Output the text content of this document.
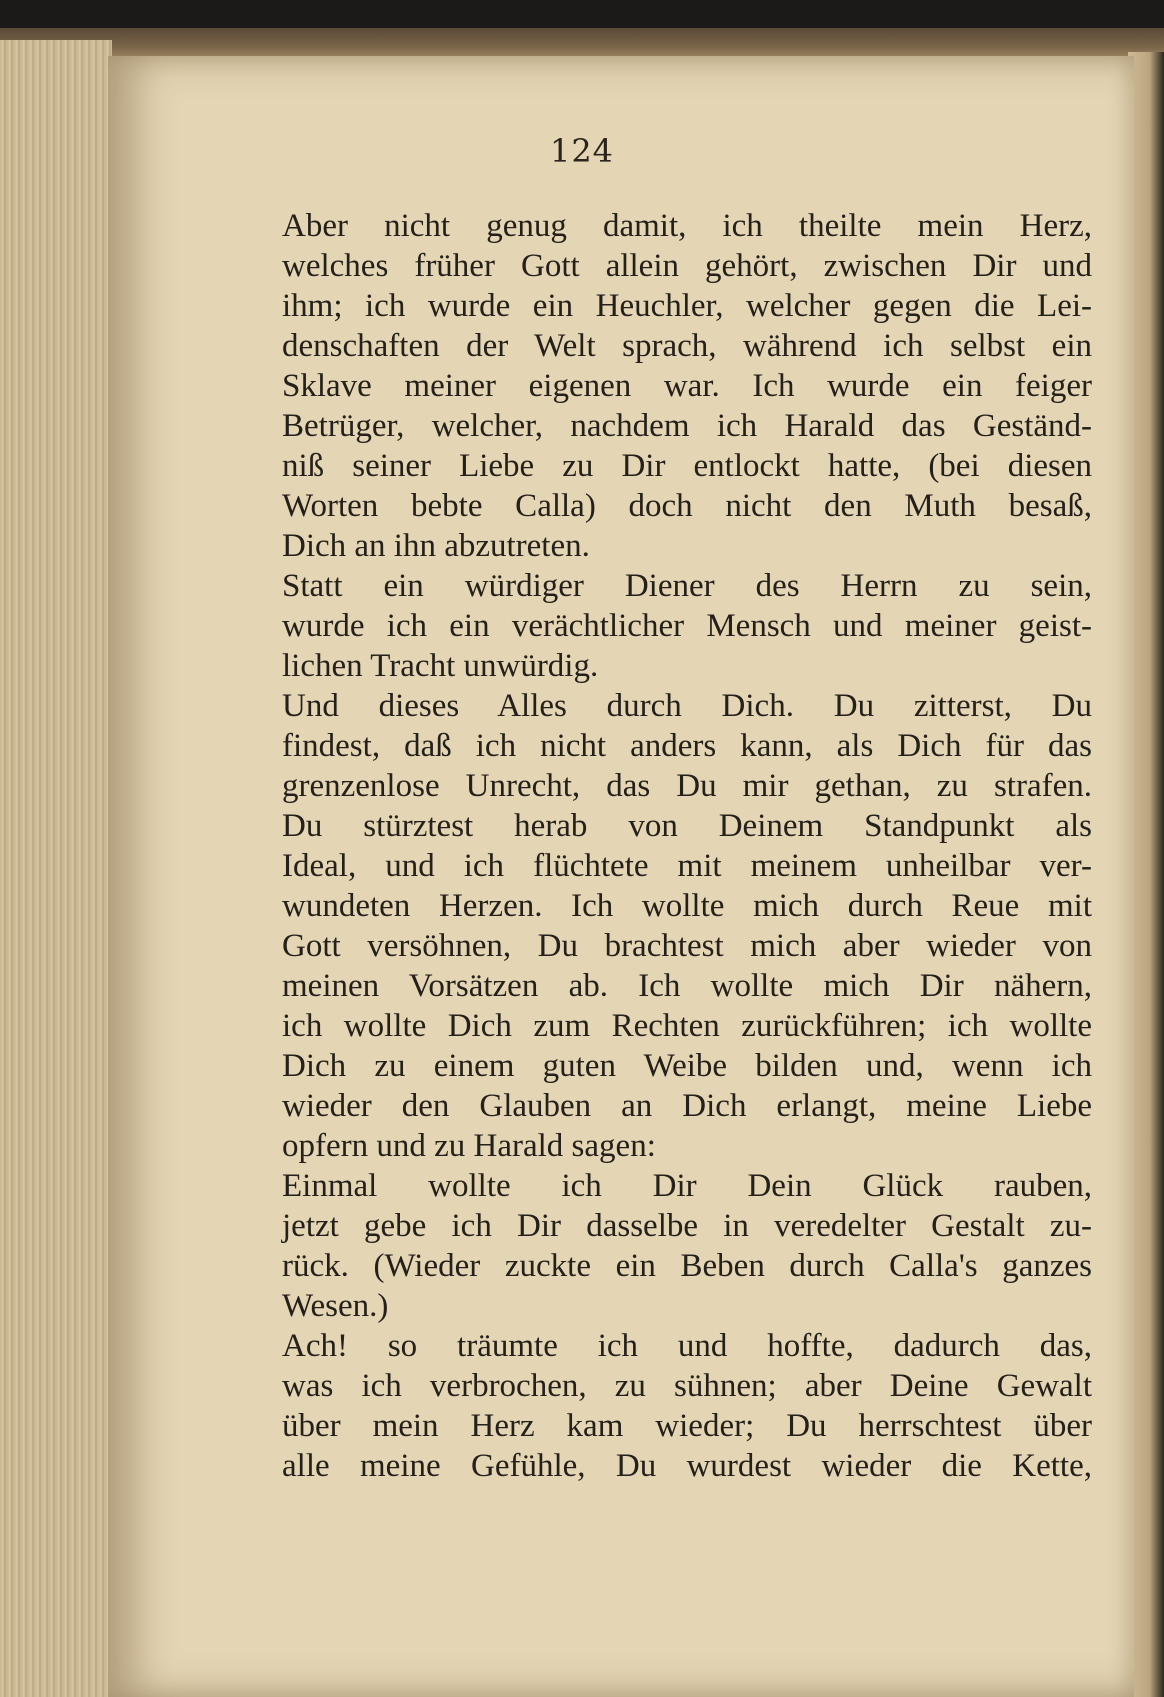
124
Aber nicht genug damit, ich theilte mein Herz,
welches früher Gott allein gehört, zwischen Dir und
ihm; ich wurde ein Heuchler, welcher gegen die Lei-
denschaften der Welt sprach, während ich selbst ein
Sklave meiner eigenen war. Ich wurde ein feiger
Betrüger, welcher, nachdem ich Harald das Geständ-
niß seiner Liebe zu Dir entlockt hatte, (bei diesen
Worten bebte Calla) doch nicht den Muth besaß,
Dich an ihn abzutreten.
Statt ein würdiger Diener des Herrn zu sein,
wurde ich ein verächtlicher Mensch und meiner geist-
lichen Tracht unwürdig.
Und dieses Alles durch Dich. Du zitterst, Du
findest, daß ich nicht anders kann, als Dich für das
grenzenlose Unrecht, das Du mir gethan, zu strafen.
Du stürztest herab von Deinem Standpunkt als
Ideal, und ich flüchtete mit meinem unheilbar ver-
wundeten Herzen. Ich wollte mich durch Reue mit
Gott versöhnen, Du brachtest mich aber wieder von
meinen Vorsätzen ab. Ich wollte mich Dir nähern,
ich wollte Dich zum Rechten zurückführen; ich wollte
Dich zu einem guten Weibe bilden und, wenn ich
wieder den Glauben an Dich erlangt, meine Liebe
opfern und zu Harald sagen:
Einmal wollte ich Dir Dein Glück rauben,
jetzt gebe ich Dir dasselbe in veredelter Gestalt zu-
rück. (Wieder zuckte ein Beben durch Calla's ganzes
Wesen.)
Ach! so träumte ich und hoffte, dadurch das,
was ich verbrochen, zu sühnen; aber Deine Gewalt
über mein Herz kam wieder; Du herrschtest über
alle meine Gefühle, Du wurdest wieder die Kette,
